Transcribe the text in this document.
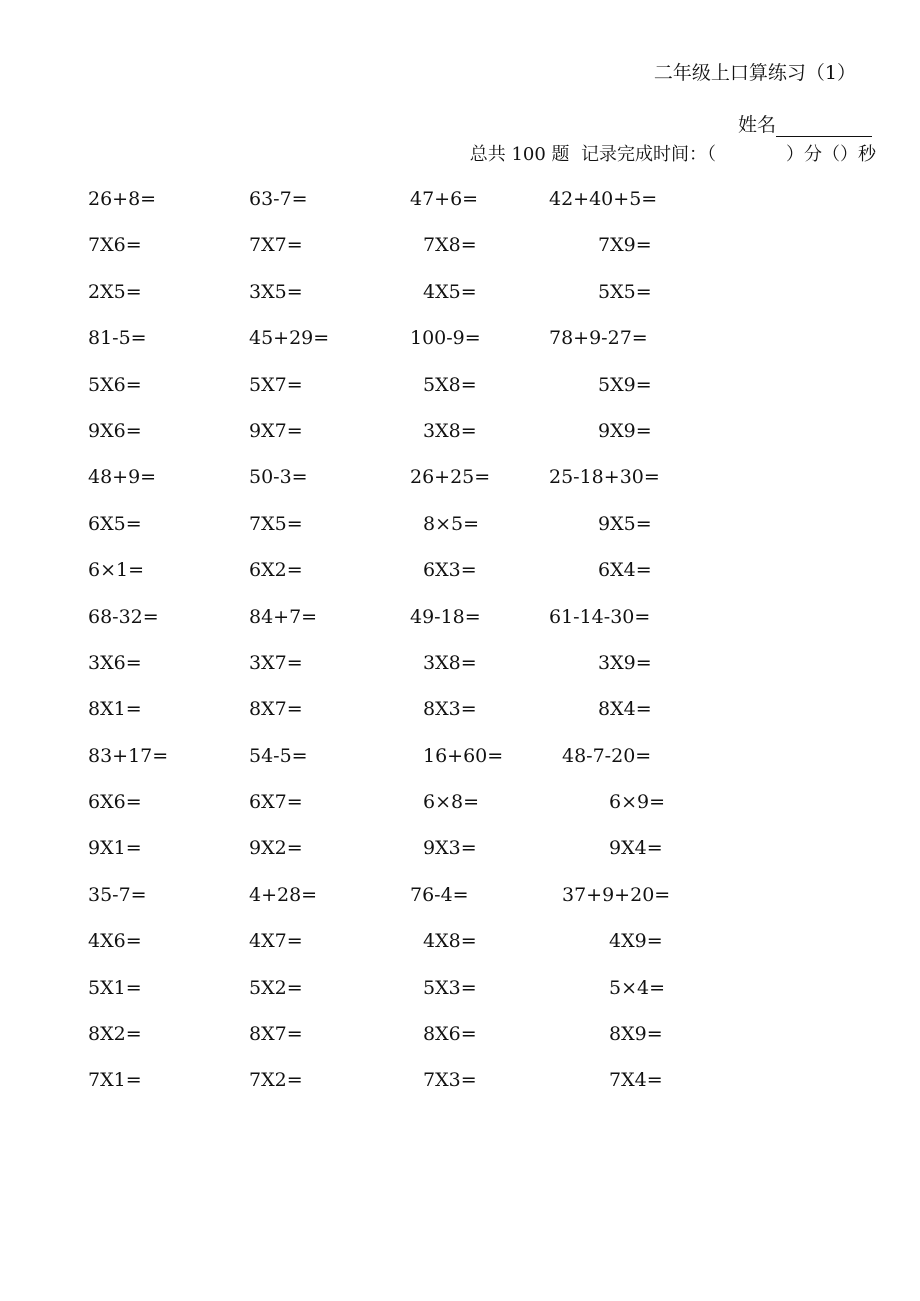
二年级上口算练习（1）
姓名
总共 100 题 记录完成时间：（	）分（）秒
26+8=	63-7=	47+6=	42+40+5=
7X6=	7X7=	7X8=	7X9=
2X5=	3X5=	4X5=	5X5=
81-5=	45+29=	100-9=	78+9-27=
5X6=	5X7=	5X8=	5X9=
9X6=	9X7=	3X8=	9X9=
48+9=	50-3=	26+25=	25-18+30=
6X5=	7X5=	8×5=	9X5=
6×1=	6X2=	6X3=	6X4=
68-32=	84+7=	49-18=	61-14-30=
3X6=	3X7=	3X8=	3X9=
8X1=	8X7=	8X3=	8X4=
83+17=	54-5=	16+60=	48-7-20=
6X6=	6X7=	6×8=	6×9=
9X1=	9X2=	9X3=	9X4=
35-7=	4+28=	76-4=	37+9+20=
4X6=	4X7=	4X8=	4X9=
5X1=	5X2=	5X3=	5×4=
8X2=	8X7=	8X6=	8X9=
7X1=	7X2=	7X3=	7X4=
